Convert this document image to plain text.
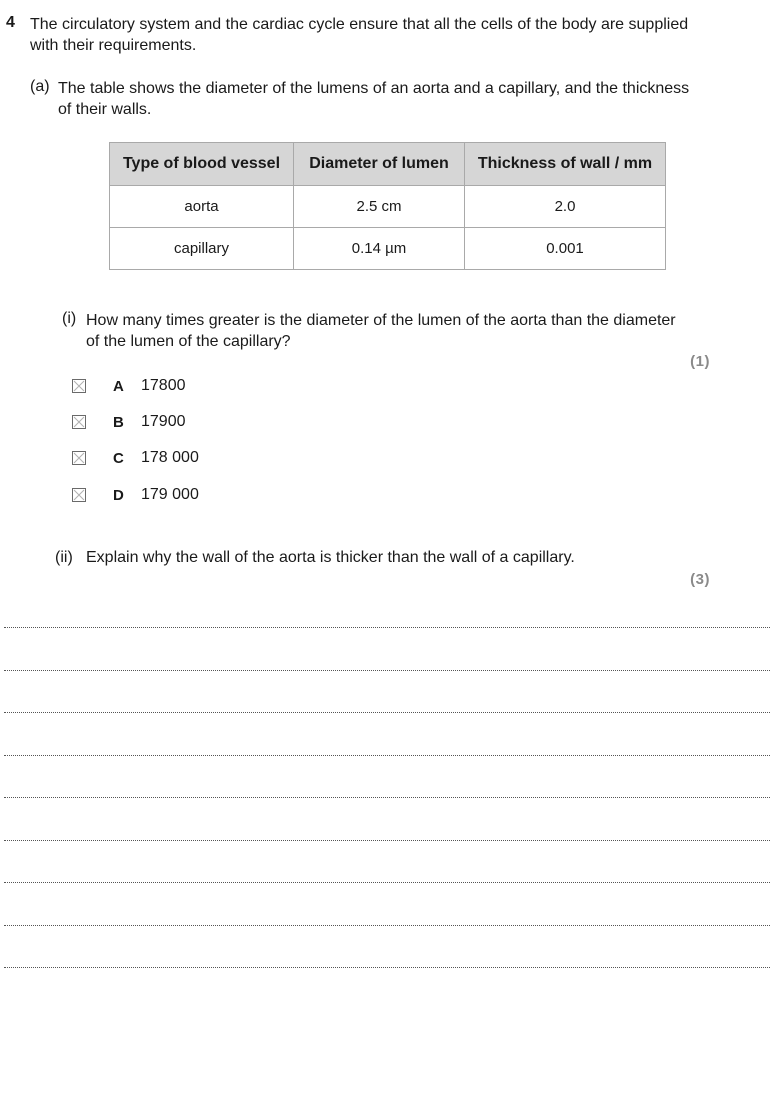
4 The circulatory system and the cardiac cycle ensure that all the cells of the body are supplied with their requirements.
(a) The table shows the diameter of the lumens of an aorta and a capillary, and the thickness of their walls.
Type of blood vessel	Diameter of lumen	Thickness of wall / mm
aorta	2.5 cm	2.0
capillary	0.14 µm	0.001
(i) How many times greater is the diameter of the lumen of the aorta than the diameter of the lumen of the capillary?
(1)
A 17800
B 17900
C 178 000
D 179 000
(ii) Explain why the wall of the aorta is thicker than the wall of a capillary.
(3)
